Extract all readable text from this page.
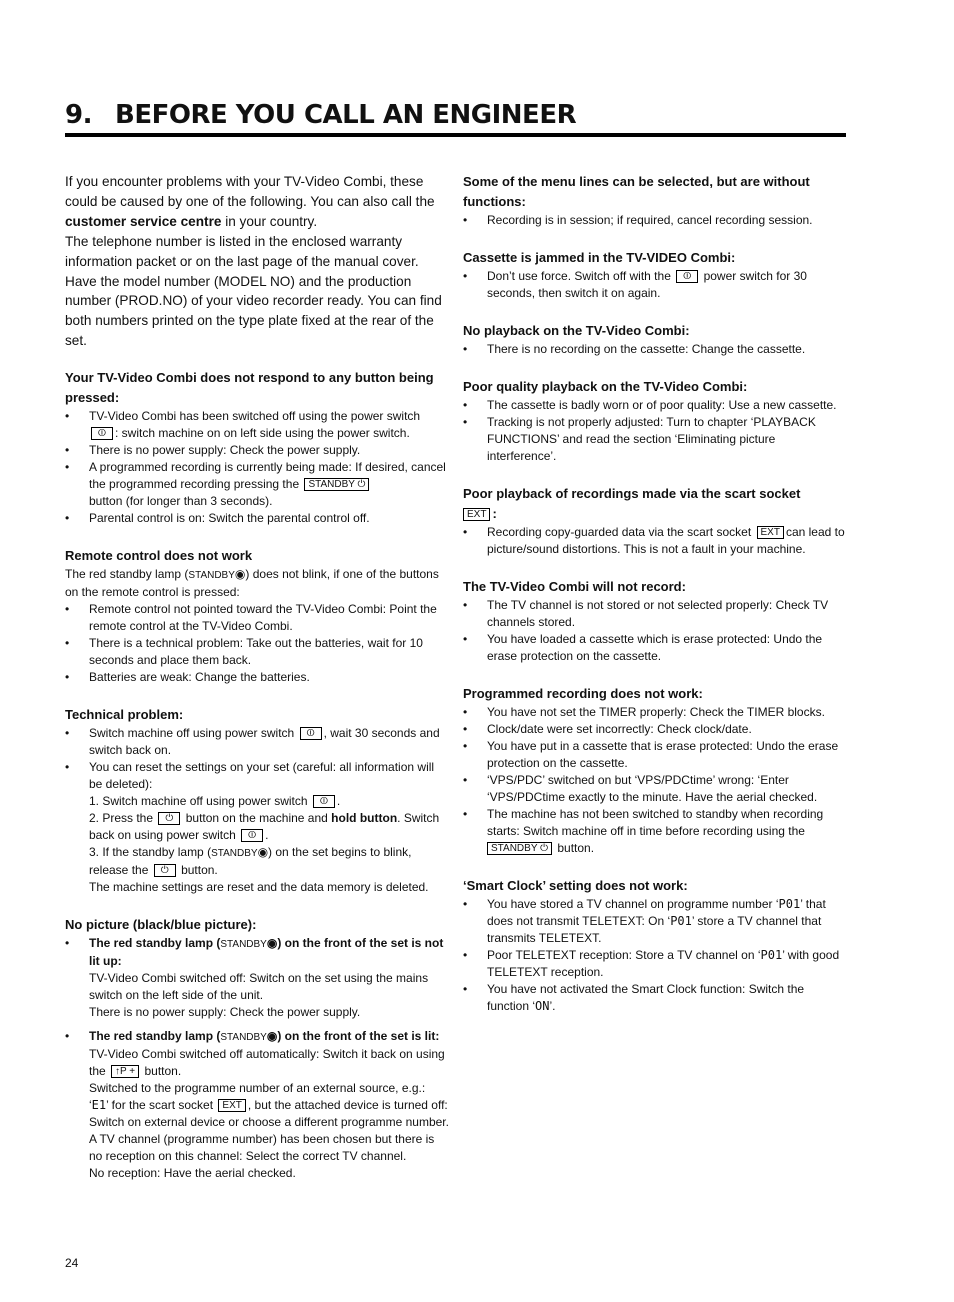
9. BEFORE YOU CALL AN ENGINEER

If you encounter problems with your TV-Video Combi, these could be caused by one of the following. You can also call the customer service centre in your country.

The telephone number is listed in the enclosed warranty information packet or on the last page of the manual cover. Have the model number (MODEL NO) and the production number (PROD.NO) of your video recorder ready. You can find both numbers printed on the type plate fixed at the rear of the set.

Your TV-Video Combi does not respond to any button being pressed:

• TV-Video Combi has been switched off using the power switch ⏼ : switch machine on on left side using the power switch.
• There is no power supply: Check the power supply.
• A programmed recording is currently being made: If desired, cancel the programmed recording pressing the STANDBY ⏻
button (for longer than 3 seconds).
• Parental control is on: Switch the parental control off.

Remote control does not work

The red standby lamp (STANDBY◉) does not blink, if one of the buttons on the remote control is pressed:

• Remote control not pointed toward the TV-Video Combi: Point the remote control at the TV-Video Combi.
• There is a technical problem: Take out the batteries, wait for 10 seconds and place them back.
• Batteries are weak: Change the batteries.

Technical problem:

• Switch machine off using power switch ⏼ , wait 30 seconds and switch back on.
• You can reset the settings on your set (careful: all information will be deleted):

1. Switch machine off using power switch ⏼ .

2. Press the ⏻ button on the machine and hold button. Switch back on using power switch ⏼ .

3. If the standby lamp (STANDBY◉) on the set begins to blink, release the ⏻ button.

The machine settings are reset and the data memory is deleted.

No picture (black/blue picture):

• The red standby lamp (STANDBY◉) on the front of the set is not lit up:

TV-Video Combi switched off: Switch on the set using the mains switch on the left side of the unit.

There is no power supply: Check the power supply.

• The red standby lamp (STANDBY◉) on the front of the set is lit:

TV-Video Combi switched off automatically: Switch it back on using the ↑P + button.

Switched to the programme number of an external source, e.g.:

‘E1’ for the scart socket EXT , but the attached device is turned off: Switch on external device or choose a different programme number.

A TV channel (programme number) has been chosen but there is no reception on this channel: Select the correct TV channel.

No reception: Have the aerial checked.

Some of the menu lines can be selected, but are without functions:

• Recording is in session; if required, cancel recording session.

Cassette is jammed in the TV-VIDEO Combi:

• Don’t use force. Switch off with the ⏼ power switch for 30 seconds, then switch it on again.

No playback on the TV-Video Combi:

• There is no recording on the cassette: Change the cassette.

Poor quality playback on the TV-Video Combi:

• The cassette is badly worn or of poor quality: Use a new cassette.
• Tracking is not properly adjusted: Turn to chapter ‘PLAYBACK FUNCTIONS’ and read the section ‘Eliminating picture interference’.

Poor playback of recordings made via the scart socket
EXT :

• Recording copy-guarded data via the scart socket EXT can lead to picture/sound distortions. This is not a fault in your machine.

The TV-Video Combi will not record:

• The TV channel is not stored or not selected properly: Check TV channels stored.
• You have loaded a cassette which is erase protected: Undo the erase protection on the cassette.

Programmed recording does not work:

• You have not set the TIMER properly: Check the TIMER blocks.
• Clock/date were set incorrectly: Check clock/date.
• You have put in a cassette that is erase protected: Undo the erase protection on the cassette.
• ‘VPS/PDC’ switched on but ‘VPS/PDCtime’ wrong: ‘Enter ‘VPS/PDCtime exactly to the minute. Have the aerial checked.
• The machine has not been switched to standby when recording starts: Switch machine off in time before recording using the
STANDBY ⏻ button.

‘Smart Clock’ setting does not work:

• You have stored a TV channel on programme number ‘P01’ that does not transmit TELETEXT: On ‘P01’ store a TV channel that transmits TELETEXT.
• Poor TELETEXT reception: Store a TV channel on ‘P01’ with good TELETEXT reception.
• You have not activated the Smart Clock function: Switch the function ‘ON’.
24
